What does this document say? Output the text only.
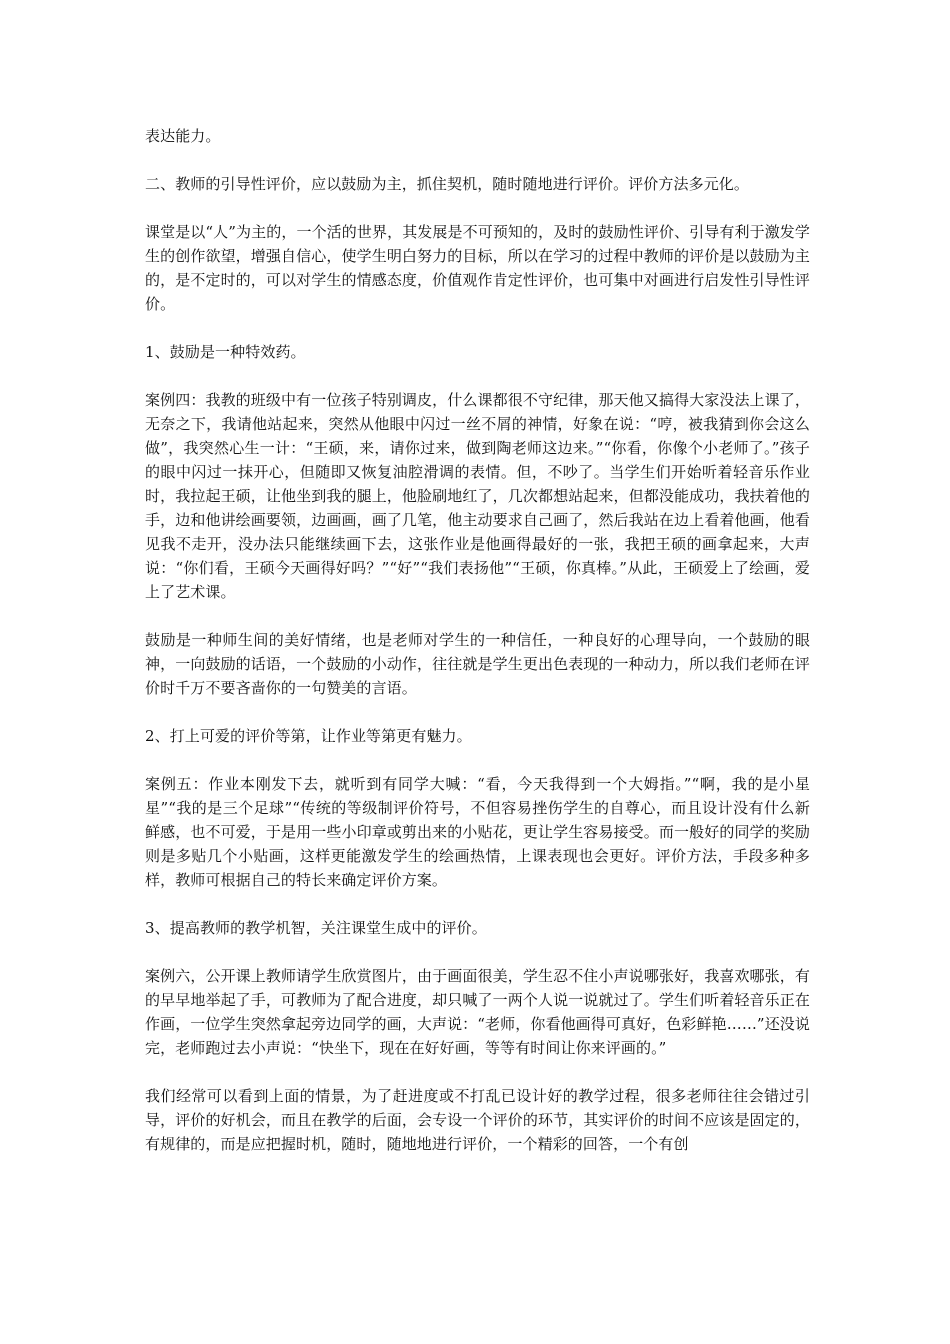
表达能力。

二、教师的引导性评价，应以鼓励为主，抓住契机，随时随地进行评价。评价方法多元化。

课堂是以“人”为主的，一个活的世界，其发展是不可预知的，及时的鼓励性评价、引导有利于激发学生的创作欲望，增强自信心，使学生明白努力的目标，所以在学习的过程中教师的评价是以鼓励为主的，是不定时的，可以对学生的情感态度，价值观作肯定性评价，也可集中对画进行启发性引导性评价。

1、鼓励是一种特效药。

案例四：我教的班级中有一位孩子特别调皮，什么课都很不守纪律，那天他又搞得大家没法上课了，无奈之下，我请他站起来，突然从他眼中闪过一丝不屑的神情，好象在说：“哼，被我猜到你会这么做”，我突然心生一计：“王硕，来，请你过来，做到陶老师这边来。”“你看，你像个小老师了。”孩子的眼中闪过一抹开心，但随即又恢复油腔滑调的表情。但，不吵了。当学生们开始听着轻音乐作业时，我拉起王硕，让他坐到我的腿上，他脸刷地红了，几次都想站起来，但都没能成功，我扶着他的手，边和他讲绘画要领，边画画，画了几笔，他主动要求自己画了，然后我站在边上看着他画，他看见我不走开，没办法只能继续画下去，这张作业是他画得最好的一张，我把王硕的画拿起来，大声说：“你们看，王硕今天画得好吗？”“好”“我们表扬他”“王硕，你真棒。”从此，王硕爱上了绘画，爱上了艺术课。

鼓励是一种师生间的美好情绪，也是老师对学生的一种信任，一种良好的心理导向，一个鼓励的眼神，一向鼓励的话语，一个鼓励的小动作，往往就是学生更出色表现的一种动力，所以我们老师在评价时千万不要吝啬你的一句赞美的言语。

2、打上可爱的评价等第，让作业等第更有魅力。

案例五：作业本刚发下去，就听到有同学大喊：“看，今天我得到一个大姆指。”“啊，我的是小星星”“我的是三个足球”“传统的等级制评价符号，不但容易挫伤学生的自尊心，而且设计没有什么新鲜感，也不可爱，于是用一些小印章或剪出来的小贴花，更让学生容易接受。而一般好的同学的奖励则是多贴几个小贴画，这样更能激发学生的绘画热情，上课表现也会更好。评价方法，手段多种多样，教师可根据自己的特长来确定评价方案。

3、提高教师的教学机智，关注课堂生成中的评价。

案例六，公开课上教师请学生欣赏图片，由于画面很美，学生忍不住小声说哪张好，我喜欢哪张，有的早早地举起了手，可教师为了配合进度，却只喊了一两个人说一说就过了。学生们听着轻音乐正在作画，一位学生突然拿起旁边同学的画，大声说：“老师，你看他画得可真好，色彩鲜艳……”还没说完，老师跑过去小声说：“快坐下，现在在好好画，等等有时间让你来评画的。”

我们经常可以看到上面的情景，为了赶进度或不打乱已设计好的教学过程，很多老师往往会错过引导，评价的好机会，而且在教学的后面，会专设一个评价的环节，其实评价的时间不应该是固定的，有规律的，而是应把握时机，随时，随地地进行评价，一个精彩的回答，一个有创
